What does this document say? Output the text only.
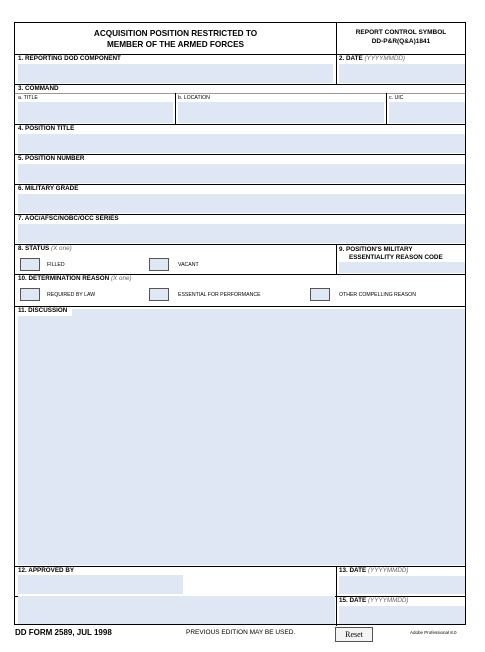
ACQUISITION POSITION RESTRICTED TO
MEMBER OF THE ARMED FORCES
REPORT CONTROL SYMBOL
DD-P&R(Q&A)1841
1. REPORTING DOD COMPONENT	2. DATE (YYYYMMDD)
3. COMMAND
a. TITLE	b. LOCATION	c. UIC
4. POSITION TITLE
5. POSITION NUMBER
6. MILITARY GRADE
7. AOC/AFSC/NOBC/OCC SERIES
8. STATUS (X one)
FILLED	VACANT
9. POSITION'S MILITARY
ESSENTIALITY REASON CODE
10. DETERMINATION REASON (X one)
REQUIRED BY LAW	ESSENTIAL FOR PERFORMANCE	OTHER COMPELLING REASON
11. DISCUSSION
12. APPROVED BY	13. DATE (YYYYMMDD)
15. DATE (YYYYMMDD)
DD FORM 2589, JUL 1998	PREVIOUS EDITION MAY BE USED.	Reset	Adobe Professional 8.0
